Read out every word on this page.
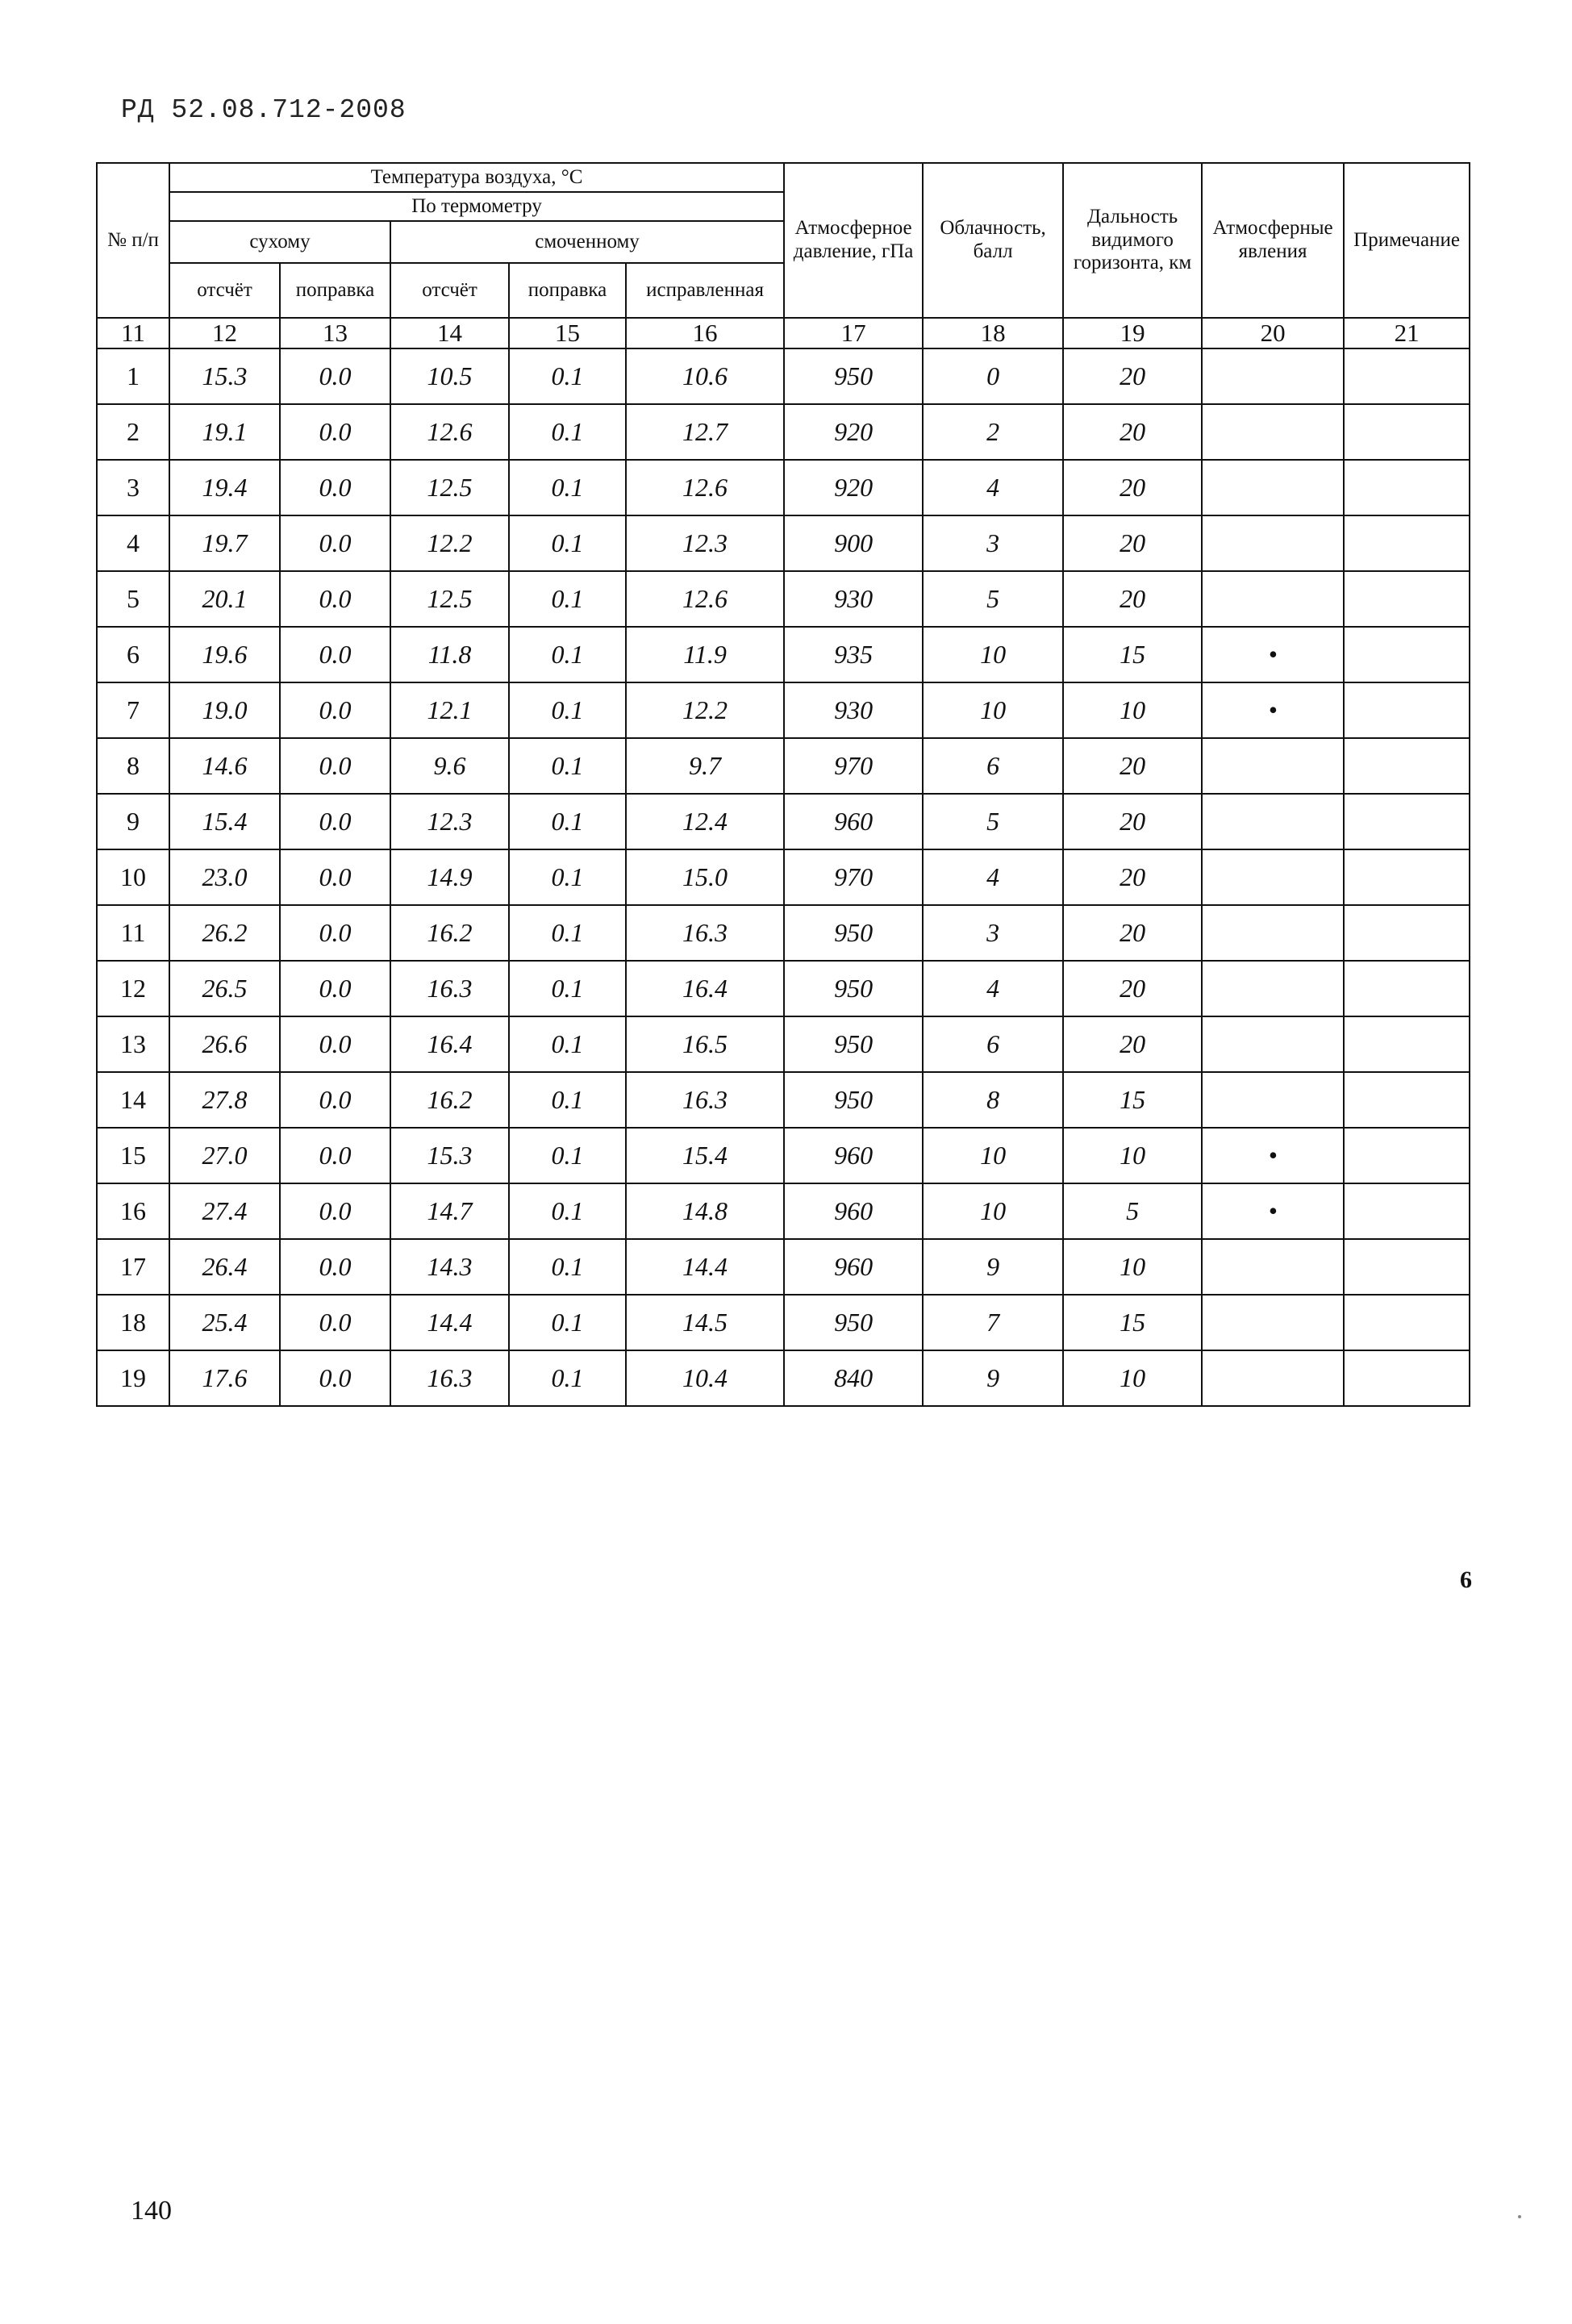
РД 52.08.712-2008
№ п/п	Температура воздуха, °С					Атмосферное давление, гПа	Облачность, балл	Дальность видимого горизонта, км	Атмосферные явления	Примечание
	По термометру									
	сухому		смоченному							
	отсчёт	поправка	отсчёт	поправка	исправленная					
11	12	13	14	15	16	17	18	19	20	21
1	15.3	0.0	10.5	0.1	10.6	950	0	20		
2	19.1	0.0	12.6	0.1	12.7	920	2	20		
3	19.4	0.0	12.5	0.1	12.6	920	4	20		
4	19.7	0.0	12.2	0.1	12.3	900	3	20		
5	20.1	0.0	12.5	0.1	12.6	930	5	20		
6	19.6	0.0	11.8	0.1	11.9	935	10	15	•	
7	19.0	0.0	12.1	0.1	12.2	930	10	10	•	
8	14.6	0.0	9.6	0.1	9.7	970	6	20		
9	15.4	0.0	12.3	0.1	12.4	960	5	20		
10	23.0	0.0	14.9	0.1	15.0	970	4	20		
11	26.2	0.0	16.2	0.1	16.3	950	3	20		
12	26.5	0.0	16.3	0.1	16.4	950	4	20		
13	26.6	0.0	16.4	0.1	16.5	950	6	20		
14	27.8	0.0	16.2	0.1	16.3	950	8	15		
15	27.0	0.0	15.3	0.1	15.4	960	10	10	•	
16	27.4	0.0	14.7	0.1	14.8	960	10	5	•	
17	26.4	0.0	14.3	0.1	14.4	960	9	10		
18	25.4	0.0	14.4	0.1	14.5	950	7	15		
19	17.6	0.0	16.3	0.1	10.4	840	9	10		
6
140
